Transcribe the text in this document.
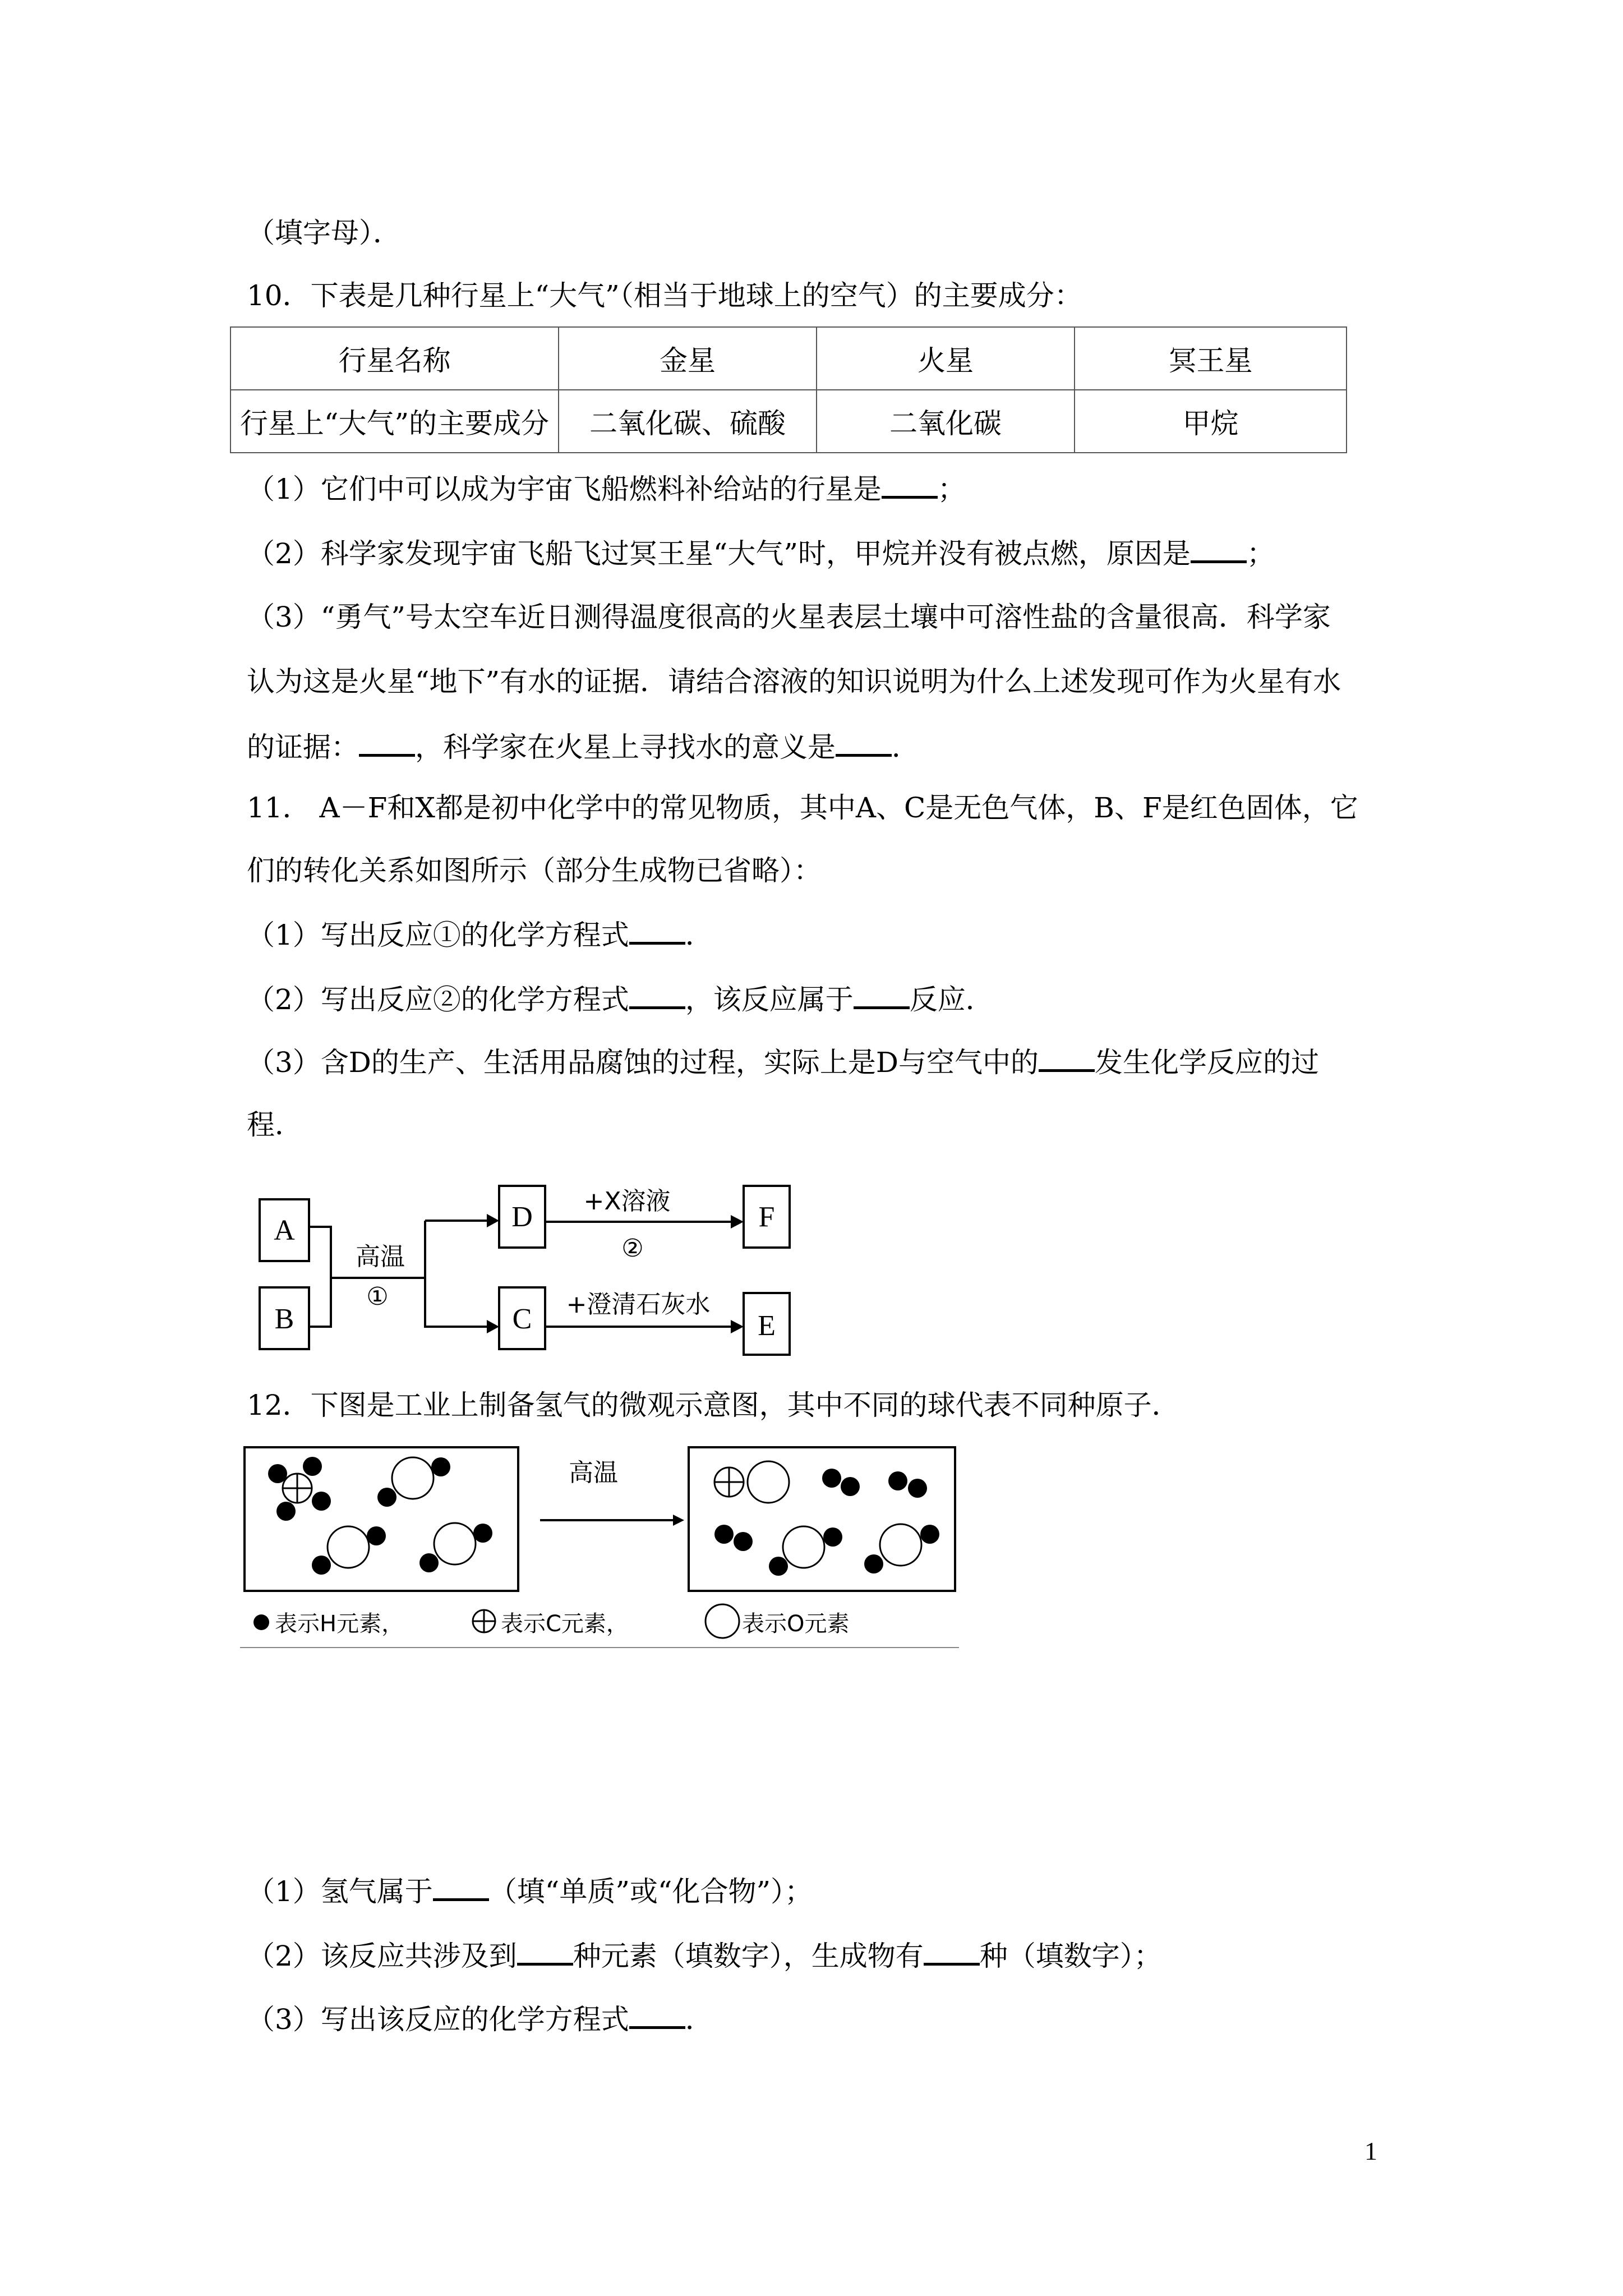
（填字母）．
10．下表是几种行星上“大气”（相当于地球上的空气）的主要成分：
行星名称	金星	火星	冥王星
行星上“大气”的主要成分	二氧化碳、硫酸	二氧化碳	甲烷
（1）它们中可以成为宇宙飞船燃料补给站的行星是 ；
（2）科学家发现宇宙飞船飞过冥王星“大气”时，甲烷并没有被点燃，原因是 ；
（3）“勇气”号太空车近日测得温度很高的火星表层土壤中可溶性盐的含量很高．科学家
认为这是火星“地下”有水的证据．请结合溶液的知识说明为什么上述发现可作为火星有水
的证据： ，科学家在火星上寻找水的意义是 ．
11． A－F和X都是初中化学中的常见物质，其中A、C是无色气体，B、F是红色固体，它
们的转化关系如图所示（部分生成物已省略）：
（1）写出反应①的化学方程式 ．
（2）写出反应②的化学方程式 ，该反应属于 反应．
（3）含D的生产、生活用品腐蚀的过程，实际上是D与空气中的 发生化学反应的过
程．
A
B
D
C
F
E
高温
①
②
+X溶液
+澄清石灰水
12．下图是工业上制备氢气的微观示意图，其中不同的球代表不同种原子．
高温
表示H元素，	表示C元素，	表示O元素
（1）氢气属于 （填“单质”或“化合物”）；
（2）该反应共涉及到 种元素（填数字），生成物有 种（填数字）；
（3）写出该反应的化学方程式 ．
1
